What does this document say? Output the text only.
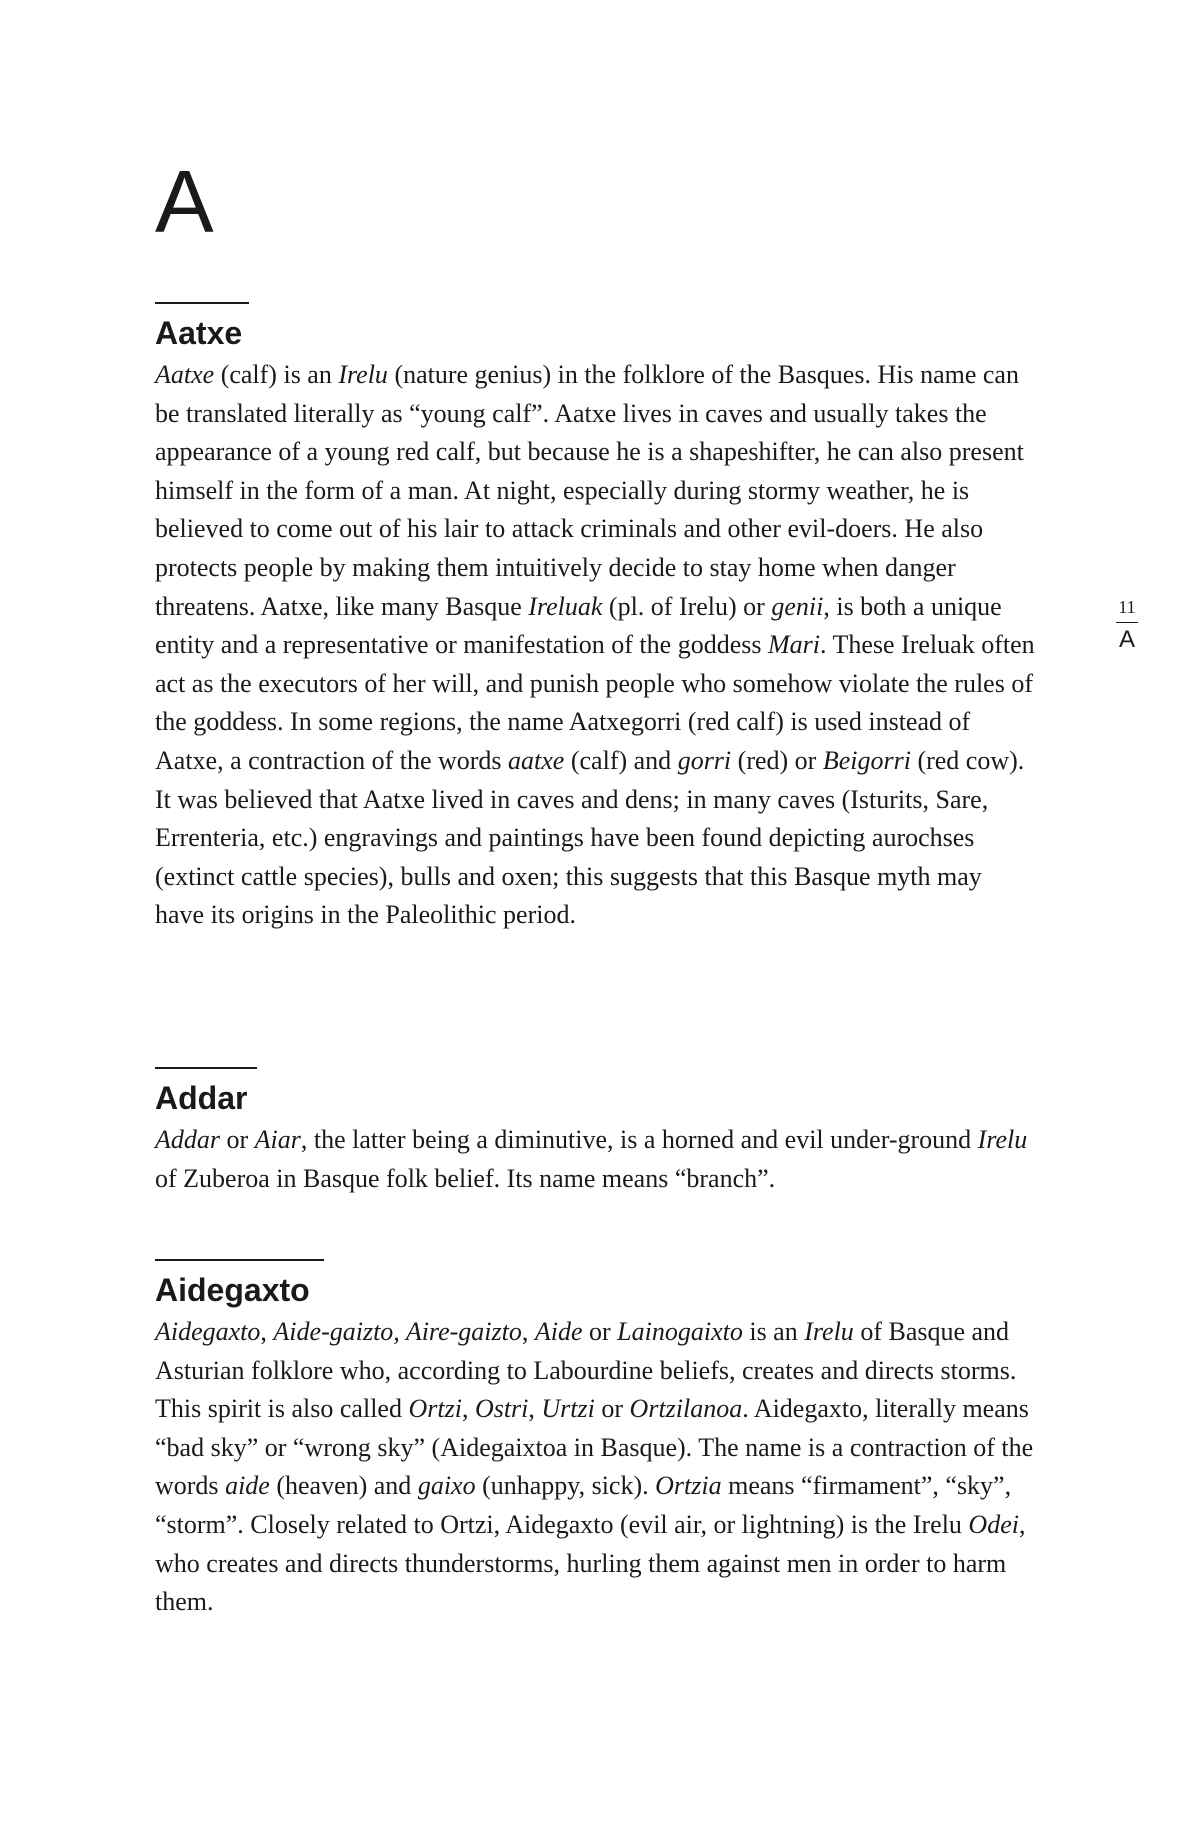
A
Aatxe

Aatxe (calf) is an Irelu (nature genius) in the folklore of the Basques. His name can be translated literally as “young calf”. Aatxe lives in caves and usually takes the appearance of a young red calf, but because he is a shapeshifter, he can also present himself in the form of a man. At night, especially during stormy weather, he is believed to come out of his lair to attack criminals and other evil-doers. He also protects people by making them intuitively decide to stay home when danger threatens. Aatxe, like many Basque Ireluak (pl. of Irelu) or genii, is both a unique entity and a representative or manifestation of the goddess Mari. These Ireluak often act as the executors of her will, and punish people who somehow violate the rules of the goddess. In some regions, the name Aatxegorri (red calf) is used instead of Aatxe, a contraction of the words aatxe (calf) and gorri (red) or Beigorri (red cow). It was believed that Aatxe lived in caves and dens; in many caves (Isturits, Sare, Errenteria, etc.) engravings and paintings have been found depicting aurochses (extinct cattle species), bulls and oxen; this suggests that this Basque myth may have its origins in the Paleolithic period.

Addar

Addar or Aiar, the latter being a diminutive, is a horned and evil under-ground Irelu of Zuberoa in Basque folk belief. Its name means “branch”.

Aidegaxto

Aidegaxto, Aide-gaizto, Aire-gaizto, Aide or Lainogaixto is an Irelu of Basque and Asturian folklore who, according to Labourdine beliefs, creates and directs storms. This spirit is also called Ortzi, Ostri, Urtzi or Ortzilanoa. Aidegaxto, literally means “bad sky” or “wrong sky” (Aidegaixtoa in Basque). The name is a contraction of the words aide (heaven) and gaixo (unhappy, sick). Ortzia means “firmament”, “sky”, “storm”. Closely related to Ortzi, Aidegaxto (evil air, or lightning) is the Irelu Odei, who creates and directs thunderstorms, hurling them against men in order to harm them.

11
A
